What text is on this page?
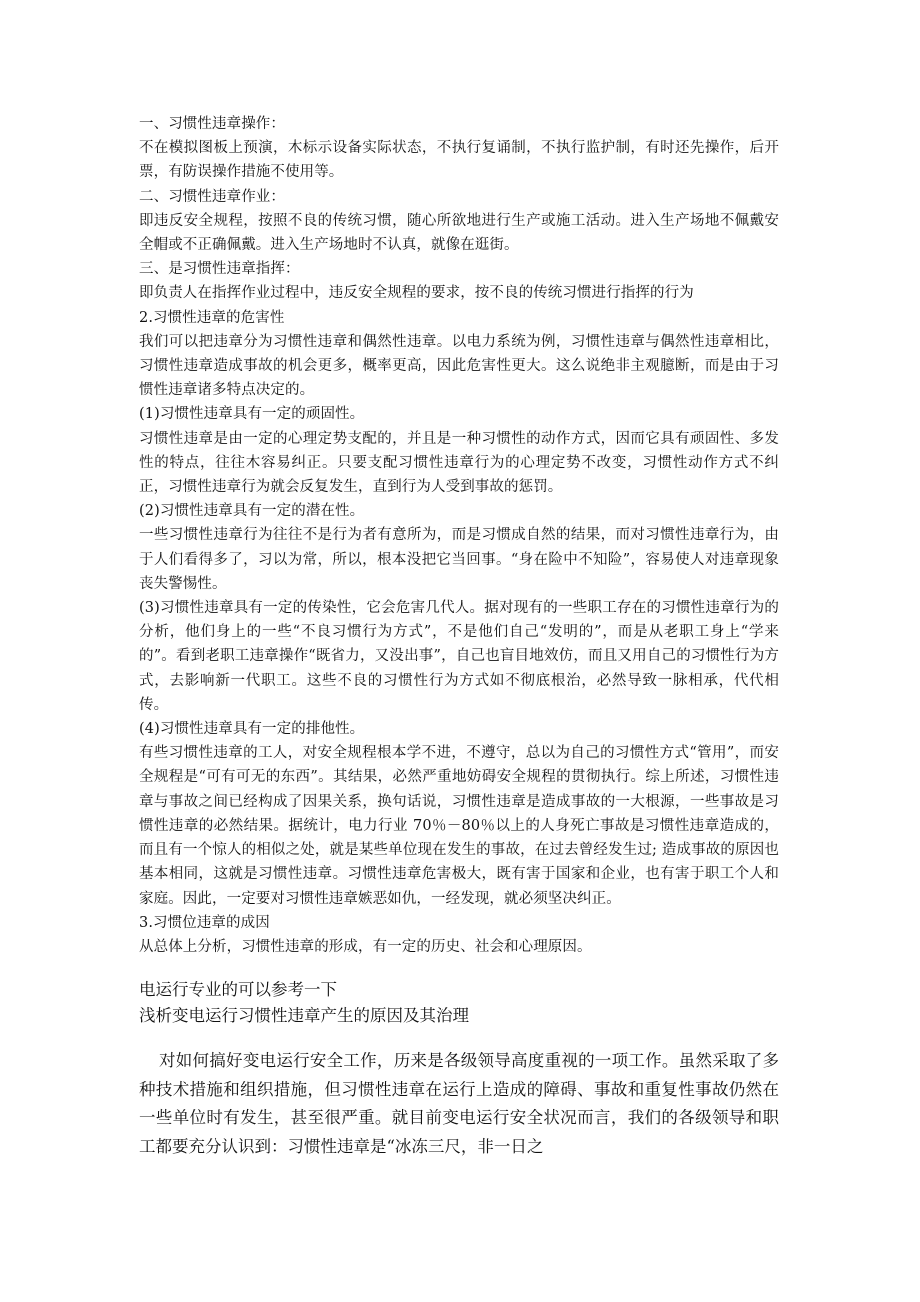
一、习惯性违章操作：

不在模拟图板上预演，木标示设备实际状态，不执行复诵制，不执行监护制，有时还先操作，后开票，有防误操作措施不使用等。

二、习惯性违章作业：

即违反安全规程，按照不良的传统习惯，随心所欲地进行生产或施工活动。进入生产场地不佩戴安全帽或不正确佩戴。进入生产场地时不认真，就像在逛街。

三、是习惯性违章指挥：

即负责人在指挥作业过程中，违反安全规程的要求，按不良的传统习惯进行指挥的行为

2.习惯性违章的危害性

我们可以把违章分为习惯性违章和偶然性违章。以电力系统为例，习惯性违章与偶然性违章相比，习惯性违章造成事故的机会更多，概率更高，因此危害性更大。这么说绝非主观臆断，而是由于习惯性违章诸多特点决定的。

(1)习惯性违章具有一定的顽固性。

习惯性违章是由一定的心理定势支配的，并且是一种习惯性的动作方式，因而它具有顽固性、多发性的特点，往往木容易纠正。只要支配习惯性违章行为的心理定势不改变，习惯性动作方式不纠正，习惯性违章行为就会反复发生，直到行为人受到事故的惩罚。

(2)习惯性违章具有一定的潜在性。

一些习惯性违章行为往往不是行为者有意所为，而是习惯成自然的结果，而对习惯性违章行为，由于人们看得多了，习以为常，所以，根本没把它当回事。“身在险中不知险”，容易使人对违章现象丧失警惕性。

(3)习惯性违章具有一定的传染性，它会危害几代人。据对现有的一些职工存在的习惯性违章行为的分析，他们身上的一些“不良习惯行为方式”，不是他们自己“发明的”，而是从老职工身上“学来的”。看到老职工违章操作“既省力，又没出事”，自己也盲目地效仿，而且又用自己的习惯性行为方式，去影响新一代职工。这些不良的习惯性行为方式如不彻底根治，必然导致一脉相承，代代相传。

(4)习惯性违章具有一定的排他性。

有些习惯性违章的工人，对安全规程根本学不进，不遵守，总以为自己的习惯性方式“管用”，而安全规程是“可有可无的东西”。其结果，必然严重地妨碍安全规程的贯彻执行。综上所述，习惯性违章与事故之间已经构成了因果关系，换句话说，习惯性违章是造成事故的一大根源，一些事故是习惯性违章的必然结果。据统计，电力行业 70％－80％以上的人身死亡事故是习惯性违章造成的，而且有一个惊人的相似之处，就是某些单位现在发生的事故，在过去曾经发生过; 造成事故的原因也基本相同，这就是习惯性违章。习惯性违章危害极大，既有害于国家和企业，也有害于职工个人和家庭。因此，一定要对习惯性违章嫉恶如仇，一经发现，就必须坚决纠正。

3.习惯位违章的成因

从总体上分析，习惯性违章的形成，有一定的历史、社会和心理原因。

电运行专业的可以参考一下

浅析变电运行习惯性违章产生的原因及其治理

对如何搞好变电运行安全工作，历来是各级领导高度重视的一项工作。虽然采取了多种技术措施和组织措施，但习惯性违章在运行上造成的障碍、事故和重复性事故仍然在一些单位时有发生，甚至很严重。就目前变电运行安全状况而言，我们的各级领导和职工都要充分认识到：习惯性违章是“冰冻三尺，非一日之
